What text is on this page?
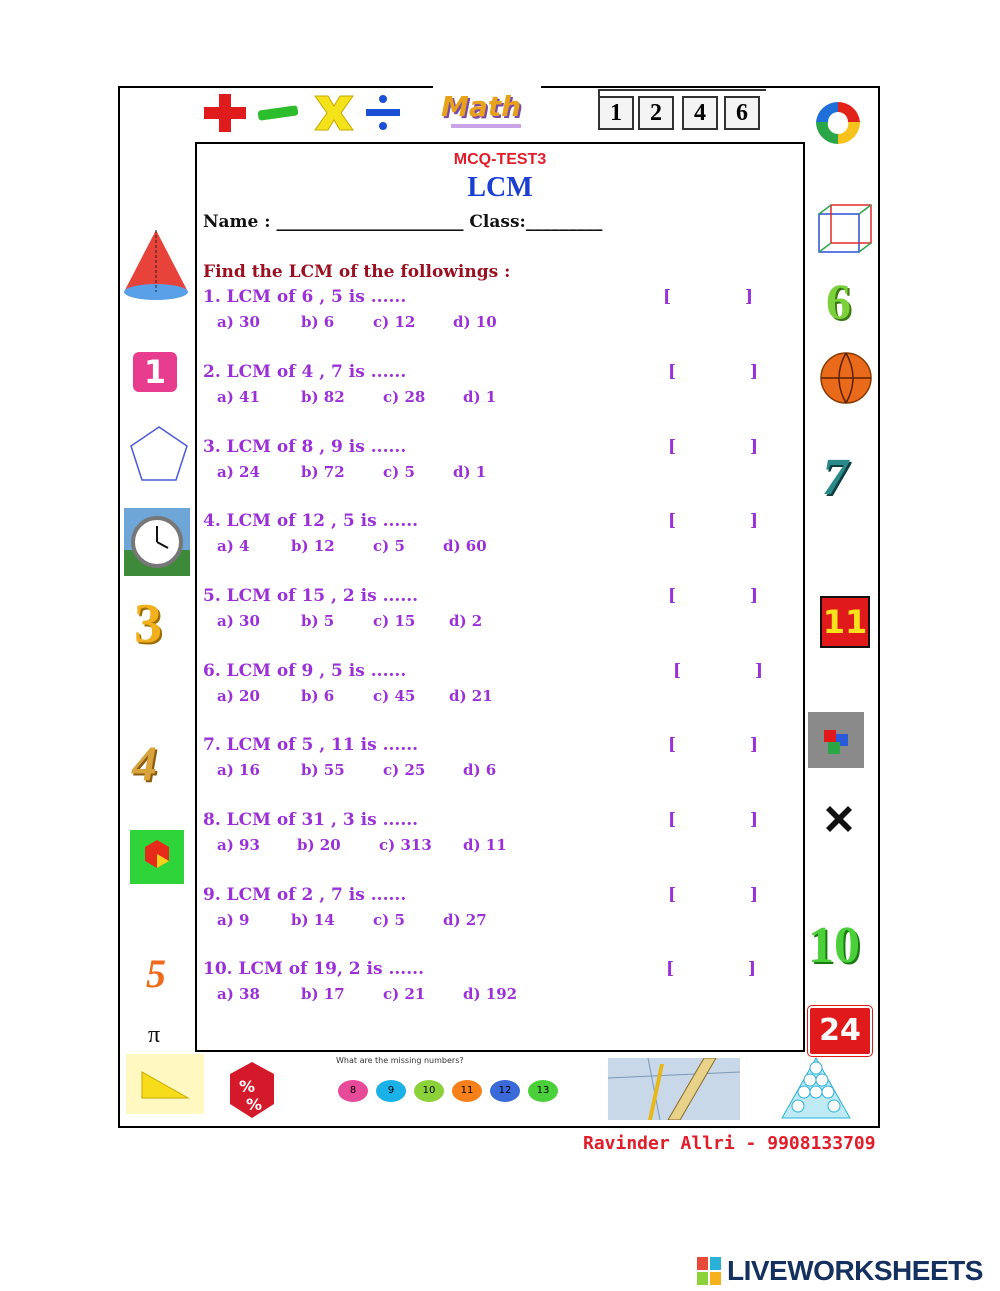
Math	1	2	4	6
1
3
4
5
π
6
7
11
10
24
%
%
What are the missing numbers?
8	9	10	11	12	13
MCQ-TEST3
LCM
Name : ______________________ Class:_________
Find the LCM of the followings :
1. LCM of 6 , 5 is ......	[	]
a) 30	b) 6	c) 12	d) 10
2. LCM of 4 , 7 is ......	[	]
a) 41	b) 82	c) 28	d) 1
3. LCM of 8 , 9 is ......	[	]
a) 24	b) 72	c) 5	d) 1
4. LCM of 12 , 5 is ......	[	]
a) 4	b) 12	c) 5	d) 60
5. LCM of 15 , 2 is ......	[	]
a) 30	b) 5	c) 15 d) 2
6. LCM of 9 , 5 is ......	[	]
a) 20	b) 6	c) 45 d) 21
7. LCM of 5 , 11 is ......	[	]
a) 16	b) 55	c) 25	d) 6
8. LCM of 31 , 3 is ......	[	]
a) 93 b) 20	c) 313 d) 11
9. LCM of 2 , 7 is ......	[	]
a) 9	b) 14	c) 5	d) 27
10. LCM of 19, 2 is ......	[	]
a) 38	b) 17	c) 21	d) 192
Ravinder Allri - 9908133709
LIVEWORKSHEETS
